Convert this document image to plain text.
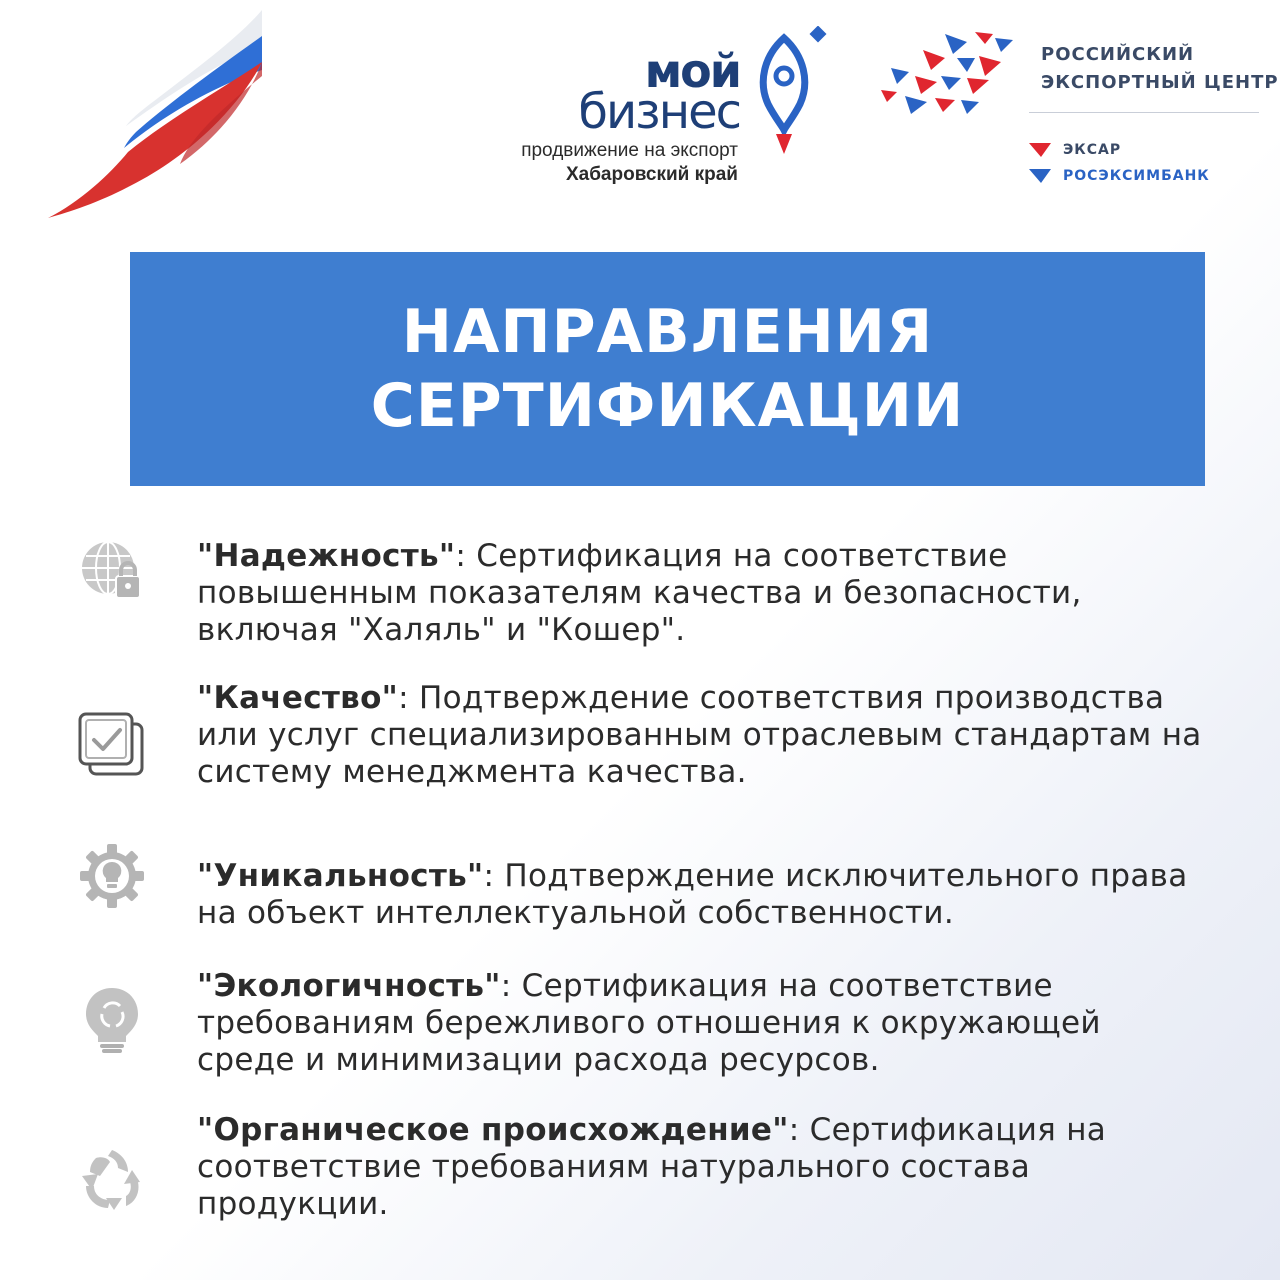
мой
бизнес
продвижение на экспорт
Хабаровский край
РОССИЙСКИЙ
ЭКСПОРТНЫЙ ЦЕНТР
ЭКСАР
РОСЭКСИМБАНК
НАПРАВЛЕНИЯ
СЕРТИФИКАЦИИ
"Надежность": Сертификация на соответствие повышенным показателям качества и безопасности, включая "Халяль" и "Кошер".
"Качество": Подтверждение соответствия производства или услуг специализированным отраслевым стандартам на систему менеджмента качества.
"Уникальность": Подтверждение исключительного права на объект интеллектуальной собственности.
"Экологичность": Сертификация на соответствие требованиям бережливого отношения к окружающей среде и минимизации расхода ресурсов.
"Органическое происхождение": Сертификация на соответствие требованиям натурального состава продукции.
